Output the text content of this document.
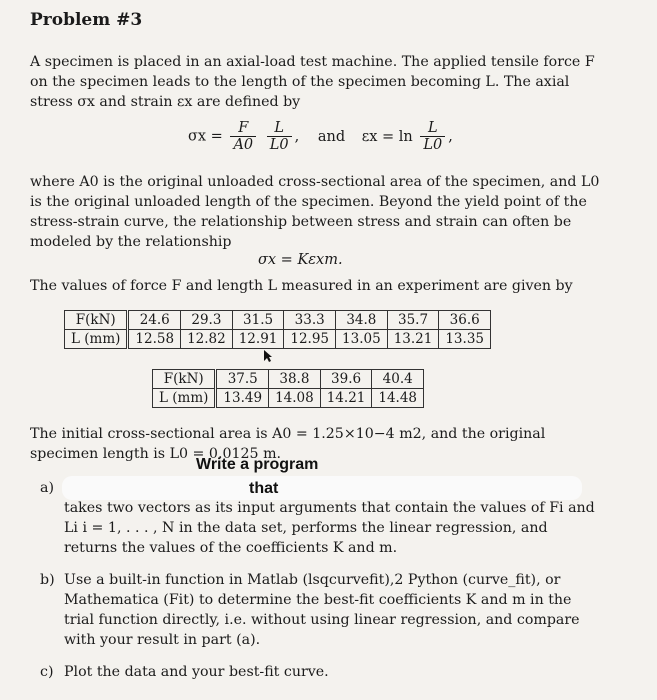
Problem #3
A specimen is placed in an axial-load test machine. The applied tensile force F on the specimen leads to the length of the specimen becoming L. The axial stress σx and strain εx are defined by
$\sigma x = \frac{F}{A0}$
$\frac{L}{L0}$ , and $\varepsilon x = \ln \frac{L}{L0}$ ,
where A0 is the original unloaded cross-sectional area of the specimen, and L0 is the original unloaded length of the specimen. Beyond the yield point of the stress-strain curve, the relationship between stress and strain can often be modeled by the relationship
σx = Kεxm.
The values of force F and length L measured in an experiment are given by
F(kN)	24.6	29.3	31.5	33.3	34.8	35.7	36.6
L (mm)	12.58	12.82	12.91	12.95	13.05	13.21	13.35
F(kN)	37.5	38.8	39.6	40.4
L (mm)	13.49	14.08	14.21	14.48
The initial cross-sectional area is A0 = 1.25×10−4 m2, and the original specimen length is L0 = 0.0125 m.
Write a program
that
a)
takes two vectors as its input arguments that contain the values of Fi and Li i = 1, . . . , N in the data set, performs the linear regression, and returns the values of the coefficients K and m.
b) Use a built-in function in Matlab (lsqcurvefit),2 Python (curve_fit), or Mathematica (Fit) to determine the best-fit coefficients K and m in the trial function directly, i.e. without using linear regression, and compare with your result in part (a).
c) Plot the data and your best-fit curve.
